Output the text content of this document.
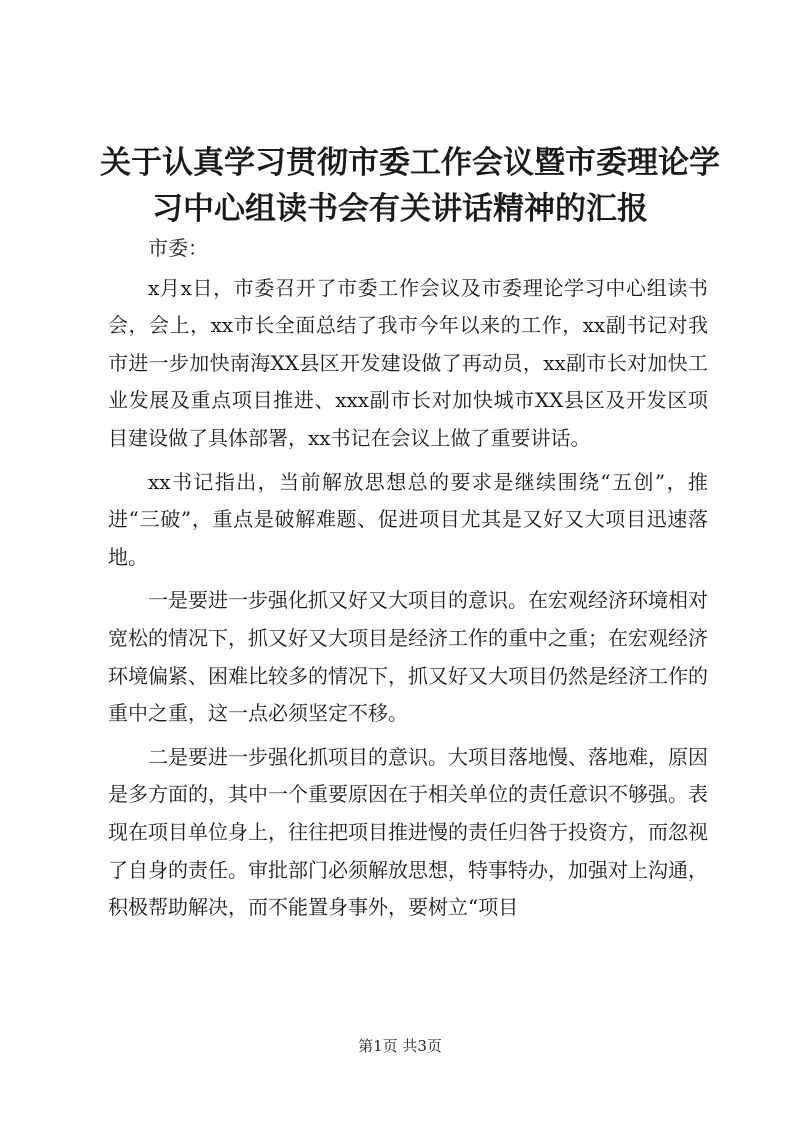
关于认真学习贯彻市委工作会议暨市委理论学
习中心组读书会有关讲话精神的汇报

市委：

x月x日，市委召开了市委工作会议及市委理论学习中心组读书会，会上，xx市长全面总结了我市今年以来的工作，xx副书记对我市进一步加快南海XX县区开发建设做了再动员，xx副市长对加快工业发展及重点项目推进、xxx副市长对加快城市XX县区及开发区项目建设做了具体部署，xx书记在会议上做了重要讲话。

xx书记指出，当前解放思想总的要求是继续围绕“五创”，推进“三破”，重点是破解难题、促进项目尤其是又好又大项目迅速落地。

一是要进一步强化抓又好又大项目的意识。在宏观经济环境相对宽松的情况下，抓又好又大项目是经济工作的重中之重；在宏观经济环境偏紧、困难比较多的情况下，抓又好又大项目仍然是经济工作的重中之重，这一点必须坚定不移。

二是要进一步强化抓项目的意识。大项目落地慢、落地难，原因是多方面的，其中一个重要原因在于相关单位的责任意识不够强。表现在项目单位身上，往往把项目推进慢的责任归咎于投资方，而忽视了自身的责任。审批部门必须解放思想，特事特办，加强对上沟通，积极帮助解决，而不能置身事外，要树立“项目

第1页 共3页
